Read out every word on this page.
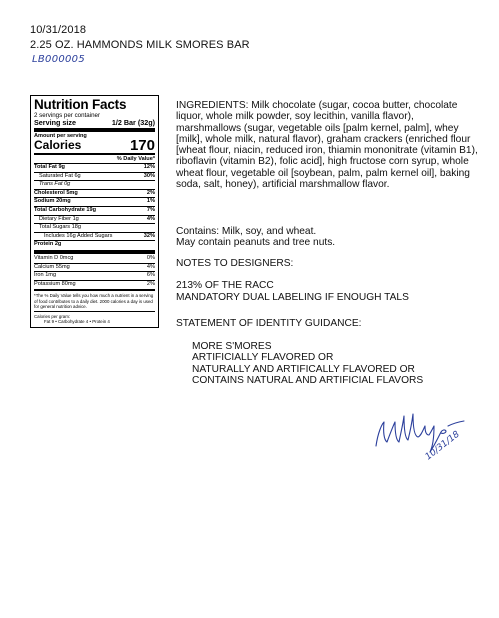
10/31/2018
2.25 OZ. HAMMONDS MILK SMORES BAR
LB000005
Nutrition Facts
2 servings per container
Serving size	1/2 Bar (32g)
Amount per serving
Calories	170
% Daily Value*
Total Fat 9g	12%
Saturated Fat 6g	30%
Trans Fat 0g
Cholesterol 5mg	2%
Sodium 20mg	1%
Total Carbohydrate 19g	7%
Dietary Fiber 1g	4%
Total Sugars 18g
Includes 16g Added Sugars	32%
Protein 2g
Vitamin D 0mcg	0%
Calcium 55mg	4%
Iron 1mg	6%
Potassium 80mg	2%
*The % Daily Value tells you how much a nutrient in a serving of food contributes to a daily diet. 2000 calories a day is used for general nutrition advice.
Calories per gram:
Fat 9 • Carbohydrate 4 • Protein 4
INGREDIENTS: Milk chocolate (sugar, cocoa butter, chocolate liquor, whole milk powder, soy lecithin, vanilla flavor), marshmallows (sugar, vegetable oils [palm kernel, palm], whey [milk], whole milk, natural flavor), graham crackers (enriched flour [wheat flour, niacin, reduced iron, thiamin mononitrate (vitamin B1), riboflavin (vitamin B2), folic acid], high fructose corn syrup, whole wheat flour, vegetable oil [soybean, palm, palm kernel oil], baking soda, salt, honey), artificial marshmallow flavor.
Contains: Milk, soy, and wheat.
May contain peanuts and tree nuts.
NOTES TO DESIGNERS:
213% OF THE RACC
MANDATORY DUAL LABELING IF ENOUGH TALS
STATEMENT OF IDENTITY GUIDANCE:
MORE S'MORES
ARTIFICIALLY FLAVORED OR
NATURALLY AND ARTIFICALLY FLAVORED OR
CONTAINS NATURAL AND ARTIFICIAL FLAVORS
10/31/18
